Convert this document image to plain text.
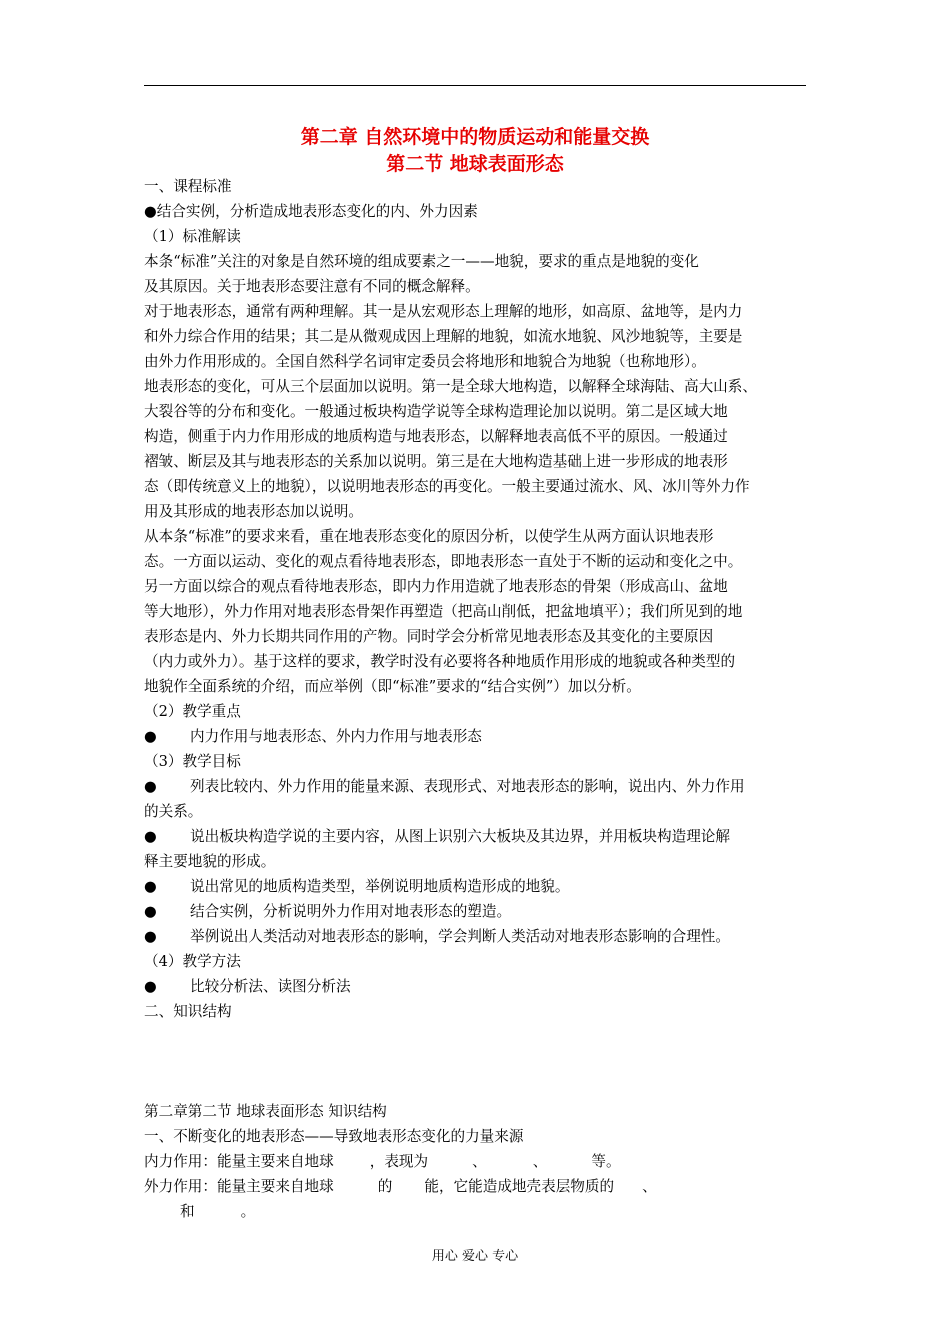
第二章 自然环境中的物质运动和能量交换
第二节 地球表面形态
一、课程标准
●结合实例，分析造成地表形态变化的内、外力因素
（1）标准解读
本条“标准”关注的对象是自然环境的组成要素之一——地貌，要求的重点是地貌的变化
及其原因。关于地表形态要注意有不同的概念解释。
对于地表形态，通常有两种理解。其一是从宏观形态上理解的地形，如高原、盆地等，是内力
和外力综合作用的结果；其二是从微观成因上理解的地貌，如流水地貌、风沙地貌等，主要是
由外力作用形成的。全国自然科学名词审定委员会将地形和地貌合为地貌（也称地形）。
地表形态的变化，可从三个层面加以说明。第一是全球大地构造，以解释全球海陆、高大山系、
大裂谷等的分布和变化。一般通过板块构造学说等全球构造理论加以说明。第二是区域大地
构造，侧重于内力作用形成的地质构造与地表形态，以解释地表高低不平的原因。一般通过
褶皱、断层及其与地表形态的关系加以说明。第三是在大地构造基础上进一步形成的地表形
态（即传统意义上的地貌），以说明地表形态的再变化。一般主要通过流水、风、冰川等外力作
用及其形成的地表形态加以说明。
从本条“标准”的要求来看，重在地表形态变化的原因分析，以使学生从两方面认识地表形
态。一方面以运动、变化的观点看待地表形态，即地表形态一直处于不断的运动和变化之中。
另一方面以综合的观点看待地表形态，即内力作用造就了地表形态的骨架（形成高山、盆地
等大地形），外力作用对地表形态骨架作再塑造（把高山削低，把盆地填平）；我们所见到的地
表形态是内、外力长期共同作用的产物。同时学会分析常见地表形态及其变化的主要原因
（内力或外力）。基于这样的要求，教学时没有必要将各种地质作用形成的地貌或各种类型的
地貌作全面系统的介绍，而应举例（即“标准”要求的“结合实例”）加以分析。
（2）教学重点
● 内力作用与地表形态、外内力作用与地表形态
（3）教学目标
● 列表比较内、外力作用的能量来源、表现形式、对地表形态的影响，说出内、外力作用
的关系。
● 说出板块构造学说的主要内容，从图上识别六大板块及其边界，并用板块构造理论解
释主要地貌的形成。
● 说出常见的地质构造类型，举例说明地质构造形成的地貌。
● 结合实例，分析说明外力作用对地表形态的塑造。
● 举例说出人类活动对地表形态的影响，学会判断人类活动对地表形态影响的合理性。
（4）教学方法
● 比较分析法、读图分析法
二、知识结构
第二章第二节 地球表面形态 知识结构
一、不断变化的地表形态——导致地表形态变化的力量来源
内力作用：能量主要来自地球 ，表现为	、	、	等。
外力作用：能量主要来自地球	的 能，它能造成地壳表层物质的 、
和	。
用心 爱心 专心
